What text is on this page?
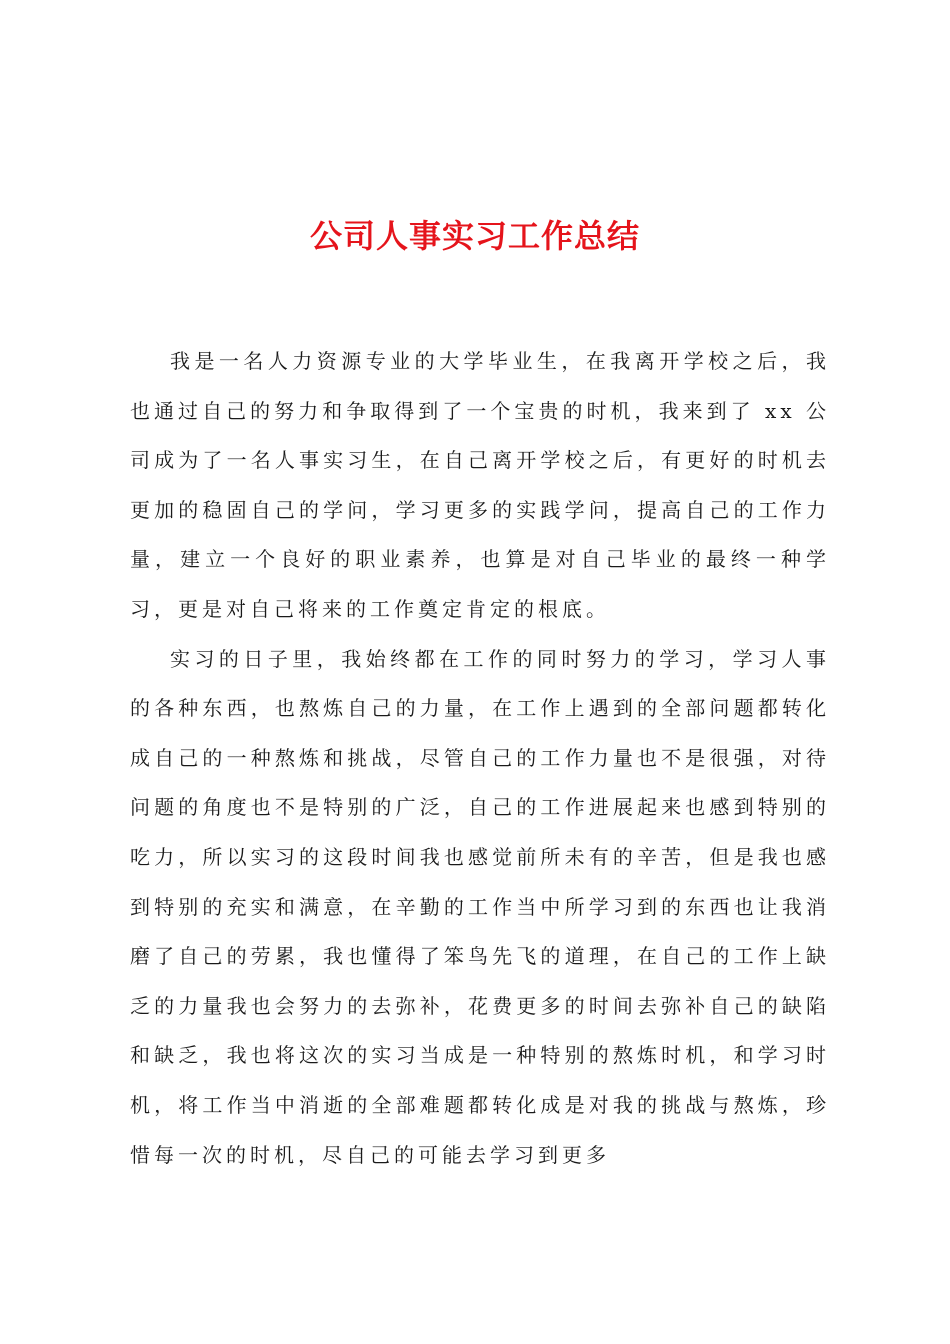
公司人事实习工作总结

我是一名人力资源专业的大学毕业生，在我离开学校之后，我也通过自己的努力和争取得到了一个宝贵的时机，我来到了 xx 公司成为了一名人事实习生，在自己离开学校之后，有更好的时机去更加的稳固自己的学问，学习更多的实践学问，提高自己的工作力量，建立一个良好的职业素养，也算是对自己毕业的最终一种学习，更是对自己将来的工作奠定肯定的根底。

实习的日子里，我始终都在工作的同时努力的学习，学习人事的各种东西，也熬炼自己的力量，在工作上遇到的全部问题都转化成自己的一种熬炼和挑战，尽管自己的工作力量也不是很强，对待问题的角度也不是特别的广泛，自己的工作进展起来也感到特别的吃力，所以实习的这段时间我也感觉前所未有的辛苦，但是我也感到特别的充实和满意，在辛勤的工作当中所学习到的东西也让我消磨了自己的劳累，我也懂得了笨鸟先飞的道理，在自己的工作上缺乏的力量我也会努力的去弥补，花费更多的时间去弥补自己的缺陷和缺乏，我也将这次的实习当成是一种特别的熬炼时机，和学习时机，将工作当中消逝的全部难题都转化成是对我的挑战与熬炼，珍惜每一次的时机，尽自己的可能去学习到更多
